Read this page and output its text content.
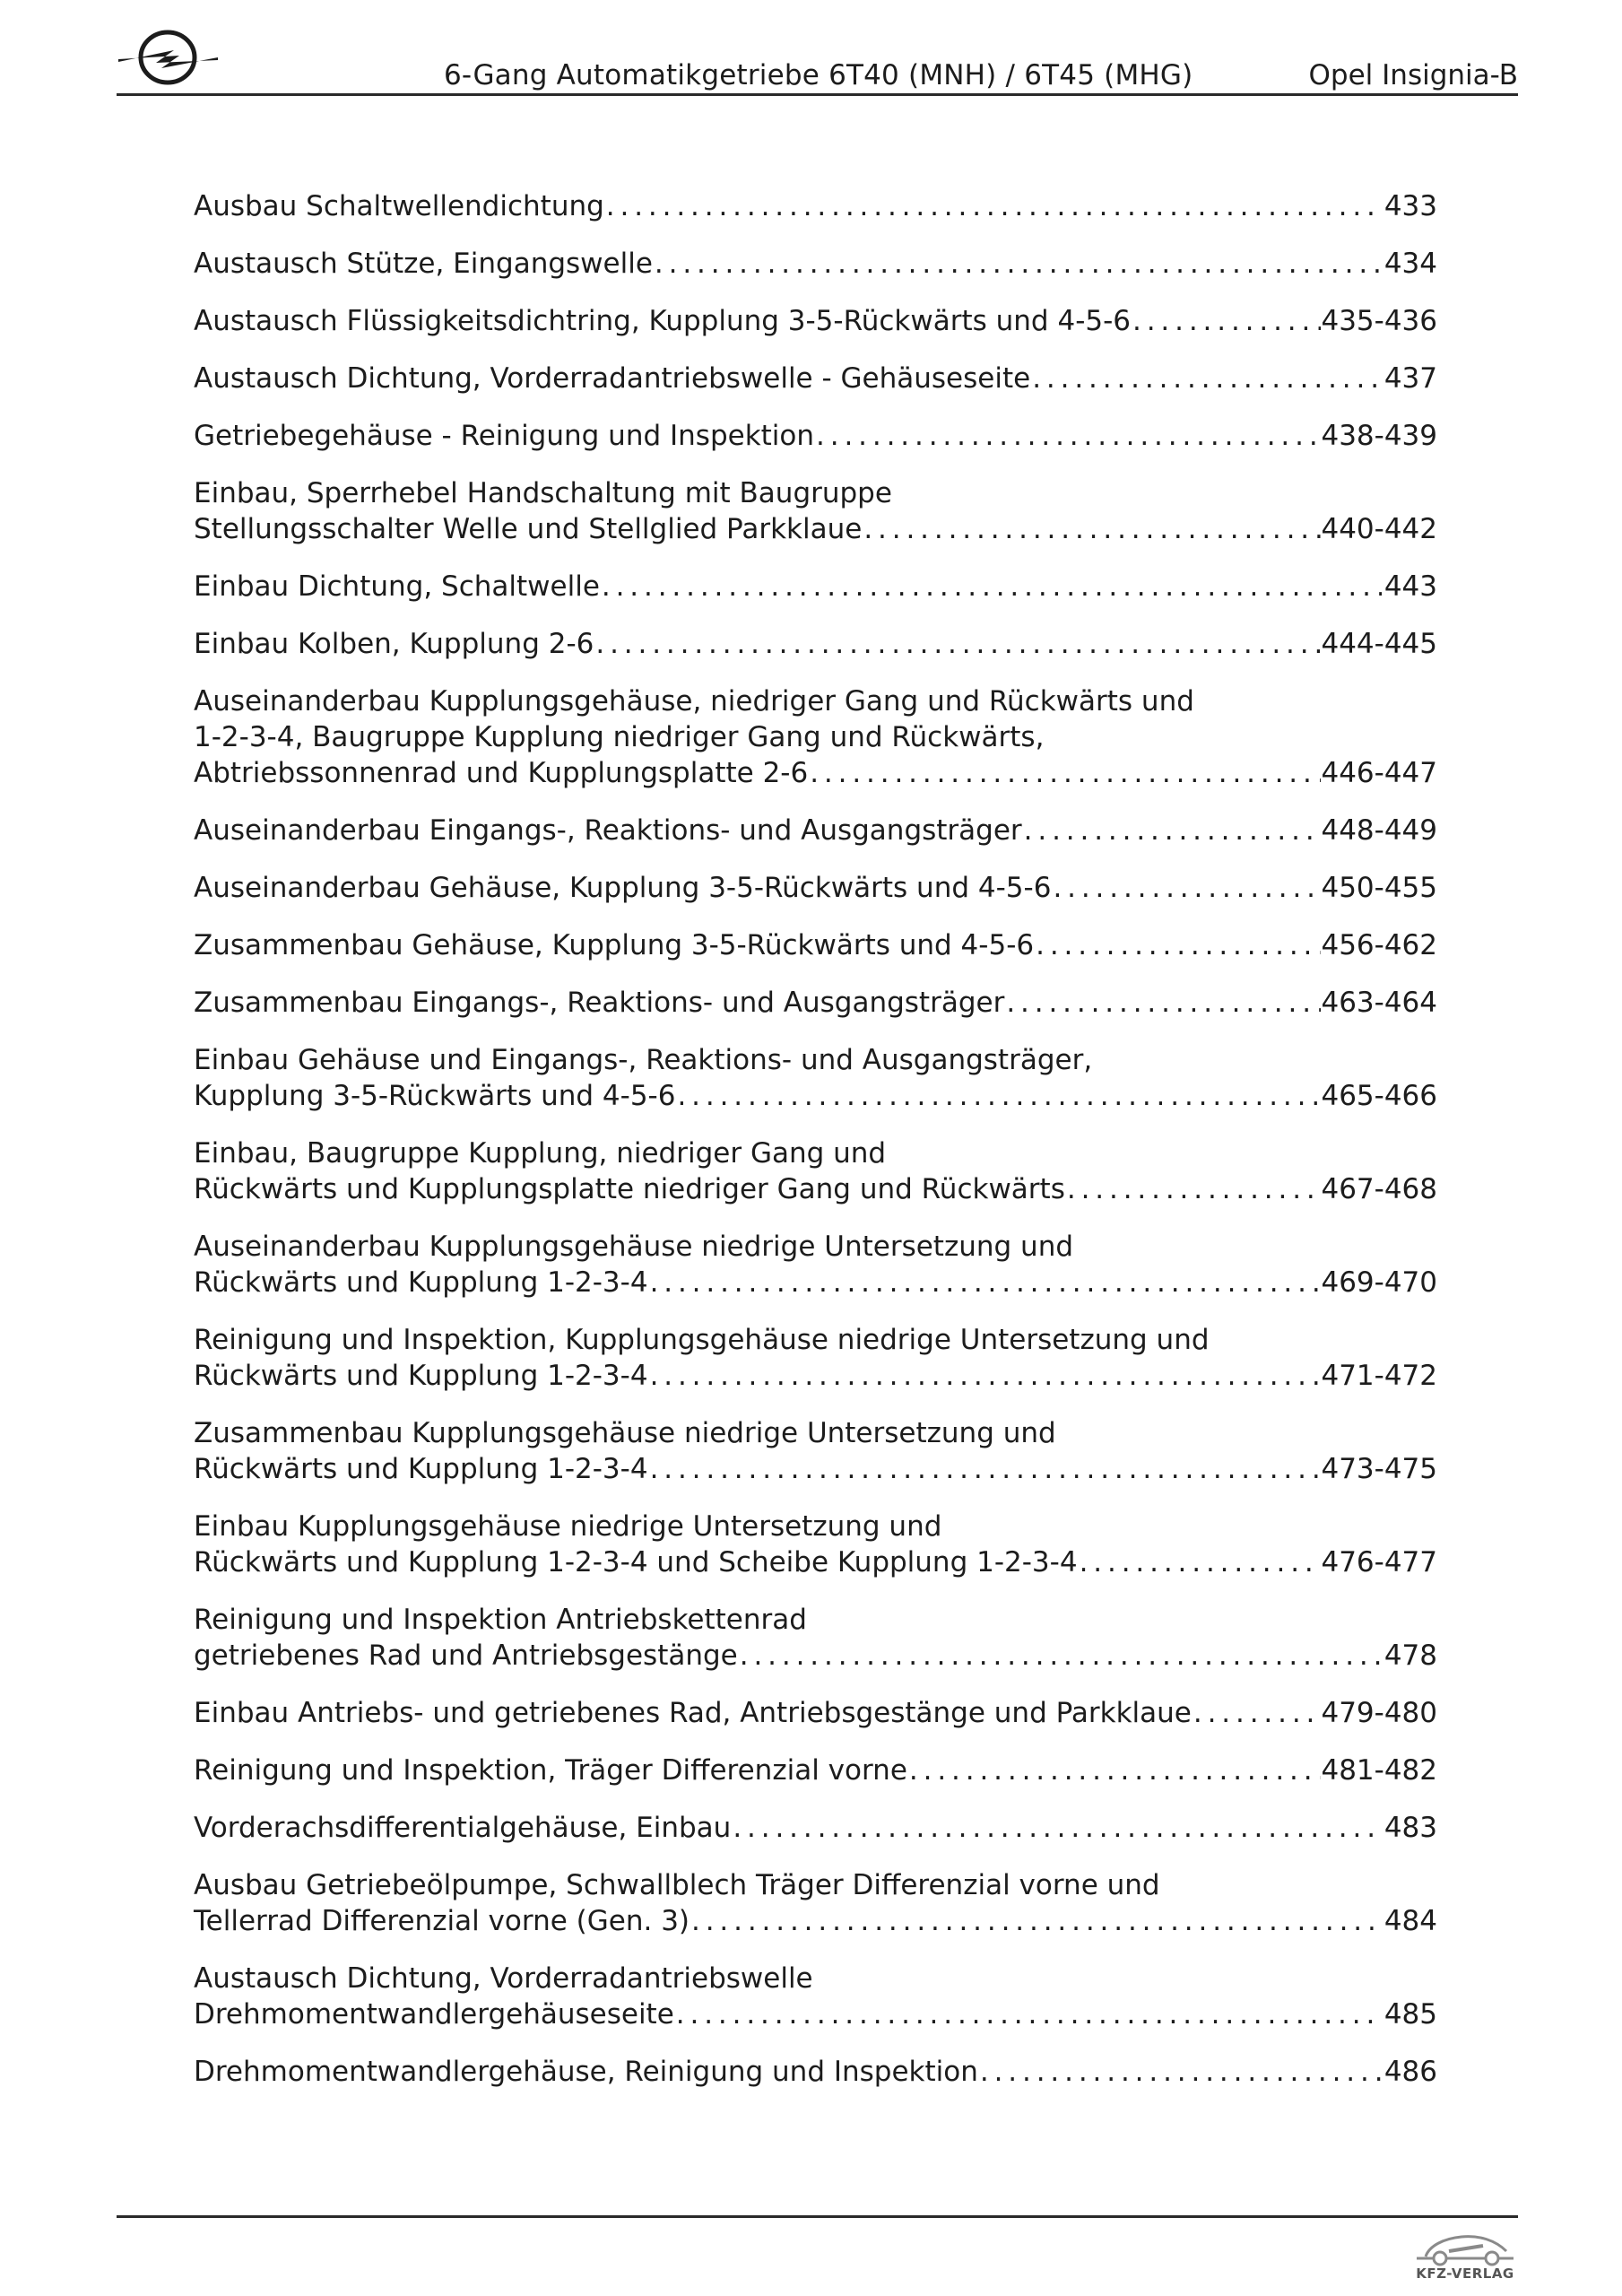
6-Gang Automatikgetriebe 6T40 (MNH) / 6T45 (MHG)	Opel Insignia-B
Ausbau Schaltwellendichtung . . .	433
Austausch Stütze, Eingangswelle . . .	434
Austausch Flüssigkeitsdichtring, Kupplung 3-5-Rückwärts und 4-5-6 . . .	435-436
Austausch Dichtung, Vorderradantriebswelle - Gehäuseseite . . .	437
Getriebegehäuse - Reinigung und Inspektion . . .	438-439
Einbau, Sperrhebel Handschaltung mit Baugruppe
Stellungsschalter Welle und Stellglied Parkklaue . . .	440-442
Einbau Dichtung, Schaltwelle . . .	443
Einbau Kolben, Kupplung 2-6 . . .	444-445
Auseinanderbau Kupplungsgehäuse, niedriger Gang und Rückwärts und
1-2-3-4, Baugruppe Kupplung niedriger Gang und Rückwärts,
Abtriebssonnenrad und Kupplungsplatte 2-6 . . .	446-447
Auseinanderbau Eingangs-, Reaktions- und Ausgangsträger . . .	448-449
Auseinanderbau Gehäuse, Kupplung 3-5-Rückwärts und 4-5-6 . . .	450-455
Zusammenbau Gehäuse, Kupplung 3-5-Rückwärts und 4-5-6 . . .	456-462
Zusammenbau Eingangs-, Reaktions- und Ausgangsträger . . .	463-464
Einbau Gehäuse und Eingangs-, Reaktions- und Ausgangsträger,
Kupplung 3-5-Rückwärts und 4-5-6 . . .	465-466
Einbau, Baugruppe Kupplung, niedriger Gang und
Rückwärts und Kupplungsplatte niedriger Gang und Rückwärts . . .	467-468
Auseinanderbau Kupplungsgehäuse niedrige Untersetzung und
Rückwärts und Kupplung 1-2-3-4 . . .	469-470
Reinigung und Inspektion, Kupplungsgehäuse niedrige Untersetzung und
Rückwärts und Kupplung 1-2-3-4 . . .	471-472
Zusammenbau Kupplungsgehäuse niedrige Untersetzung und
Rückwärts und Kupplung 1-2-3-4 . . .	473-475
Einbau Kupplungsgehäuse niedrige Untersetzung und
Rückwärts und Kupplung 1-2-3-4 und Scheibe Kupplung 1-2-3-4 . . .	476-477
Reinigung und Inspektion Antriebskettenrad
getriebenes Rad und Antriebsgestänge . . .	478
Einbau Antriebs- und getriebenes Rad, Antriebsgestänge und Parkklaue . . .	479-480
Reinigung und Inspektion, Träger Differenzial vorne . . .	481-482
Vorderachsdifferentialgehäuse, Einbau . . .	483
Ausbau Getriebeölpumpe, Schwallblech Träger Differenzial vorne und
Tellerrad Differenzial vorne (Gen. 3) . . .	484
Austausch Dichtung, Vorderradantriebswelle
Drehmomentwandlergehäuseseite . . .	485
Drehmomentwandlergehäuse, Reinigung und Inspektion . . .	486
KFZ-VERLAG
